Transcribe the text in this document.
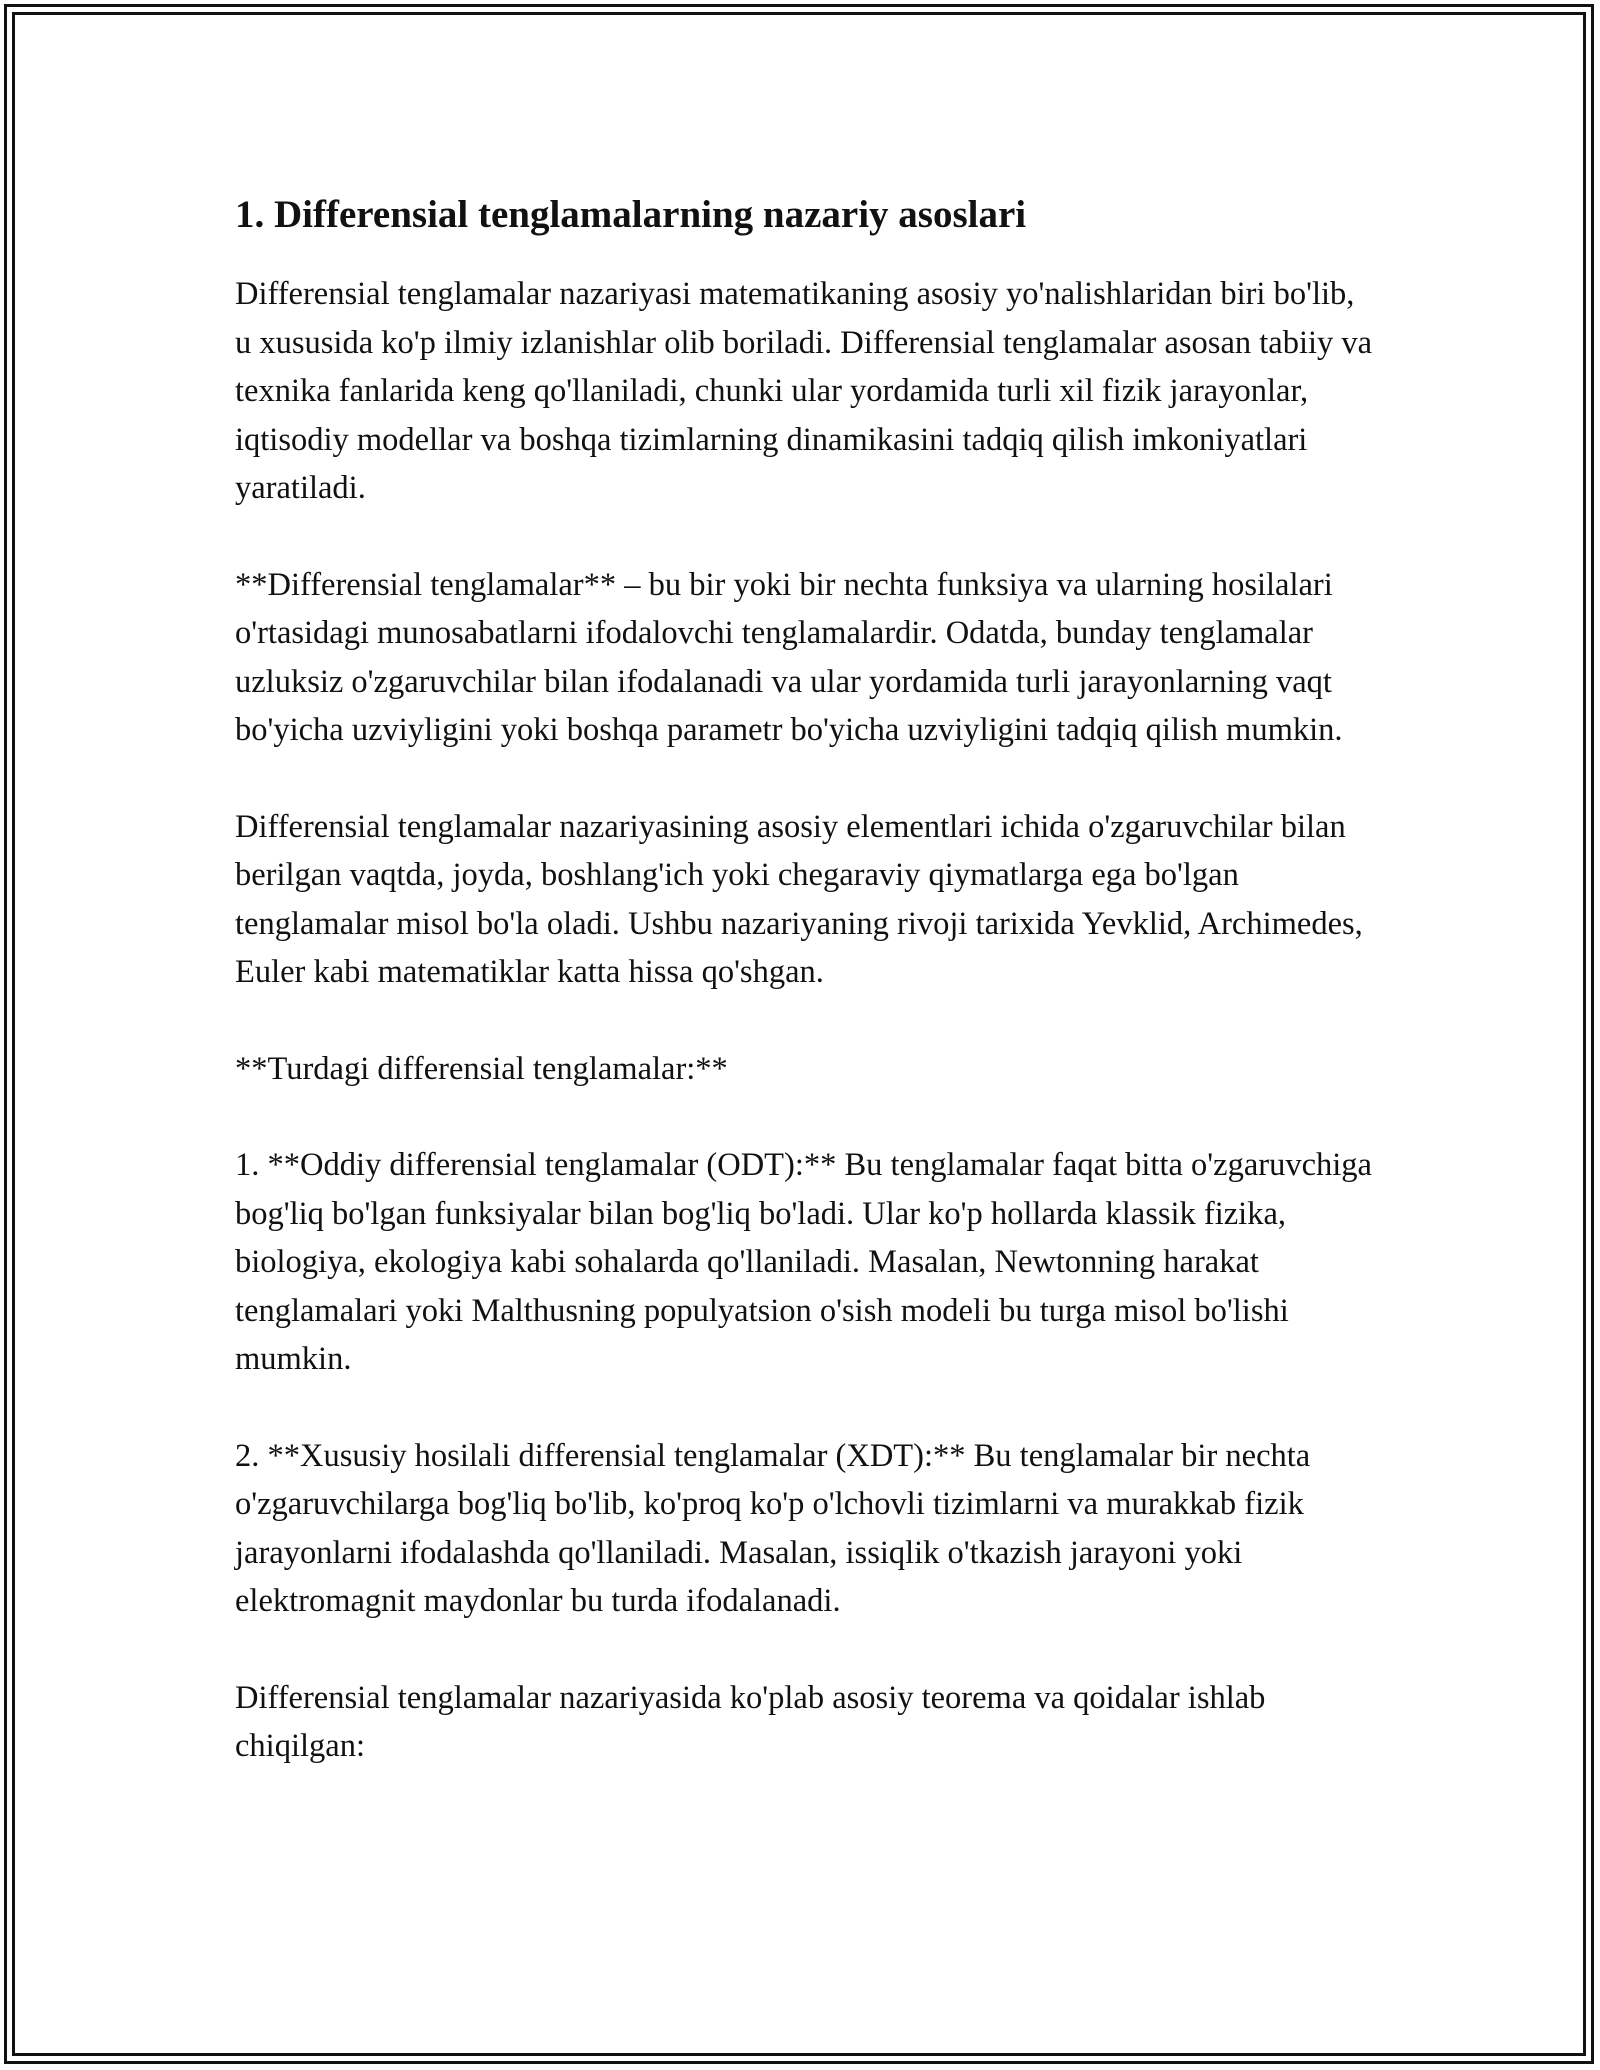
1. Differensial tenglamalarning nazariy asoslari

Differensial tenglamalar nazariyasi matematikaning asosiy yo'nalishlaridan biri bo'lib, u xususida ko'p ilmiy izlanishlar olib boriladi. Differensial tenglamalar asosan tabiiy va texnika fanlarida keng qo'llaniladi, chunki ular yordamida turli xil fizik jarayonlar, iqtisodiy modellar va boshqa tizimlarning dinamikasini tadqiq qilish imkoniyatlari yaratiladi.

**Differensial tenglamalar** – bu bir yoki bir nechta funksiya va ularning hosilalari o'rtasidagi munosabatlarni ifodalovchi tenglamalardir. Odatda, bunday tenglamalar uzluksiz o'zgaruvchilar bilan ifodalanadi va ular yordamida turli jarayonlarning vaqt bo'yicha uzviyligini yoki boshqa parametr bo'yicha uzviyligini tadqiq qilish mumkin.

Differensial tenglamalar nazariyasining asosiy elementlari ichida o'zgaruvchilar bilan berilgan vaqtda, joyda, boshlang'ich yoki chegaraviy qiymatlarga ega bo'lgan tenglamalar misol bo'la oladi. Ushbu nazariyaning rivoji tarixida Yevklid, Archimedes, Euler kabi matematiklar katta hissa qo'shgan.

**Turdagi differensial tenglamalar:**

1. **Oddiy differensial tenglamalar (ODT):** Bu tenglamalar faqat bitta o'zgaruvchiga bog'liq bo'lgan funksiyalar bilan bog'liq bo'ladi. Ular ko'p hollarda klassik fizika, biologiya, ekologiya kabi sohalarda qo'llaniladi. Masalan, Newtonning harakat tenglamalari yoki Malthusning populyatsion o'sish modeli bu turga misol bo'lishi mumkin.

2. **Xususiy hosilali differensial tenglamalar (XDT):** Bu tenglamalar bir nechta o'zgaruvchilarga bog'liq bo'lib, ko'proq ko'p o'lchovli tizimlarni va murakkab fizik jarayonlarni ifodalashda qo'llaniladi. Masalan, issiqlik o'tkazish jarayoni yoki elektromagnit maydonlar bu turda ifodalanadi.

Differensial tenglamalar nazariyasida ko'plab asosiy teorema va qoidalar ishlab chiqilgan:
